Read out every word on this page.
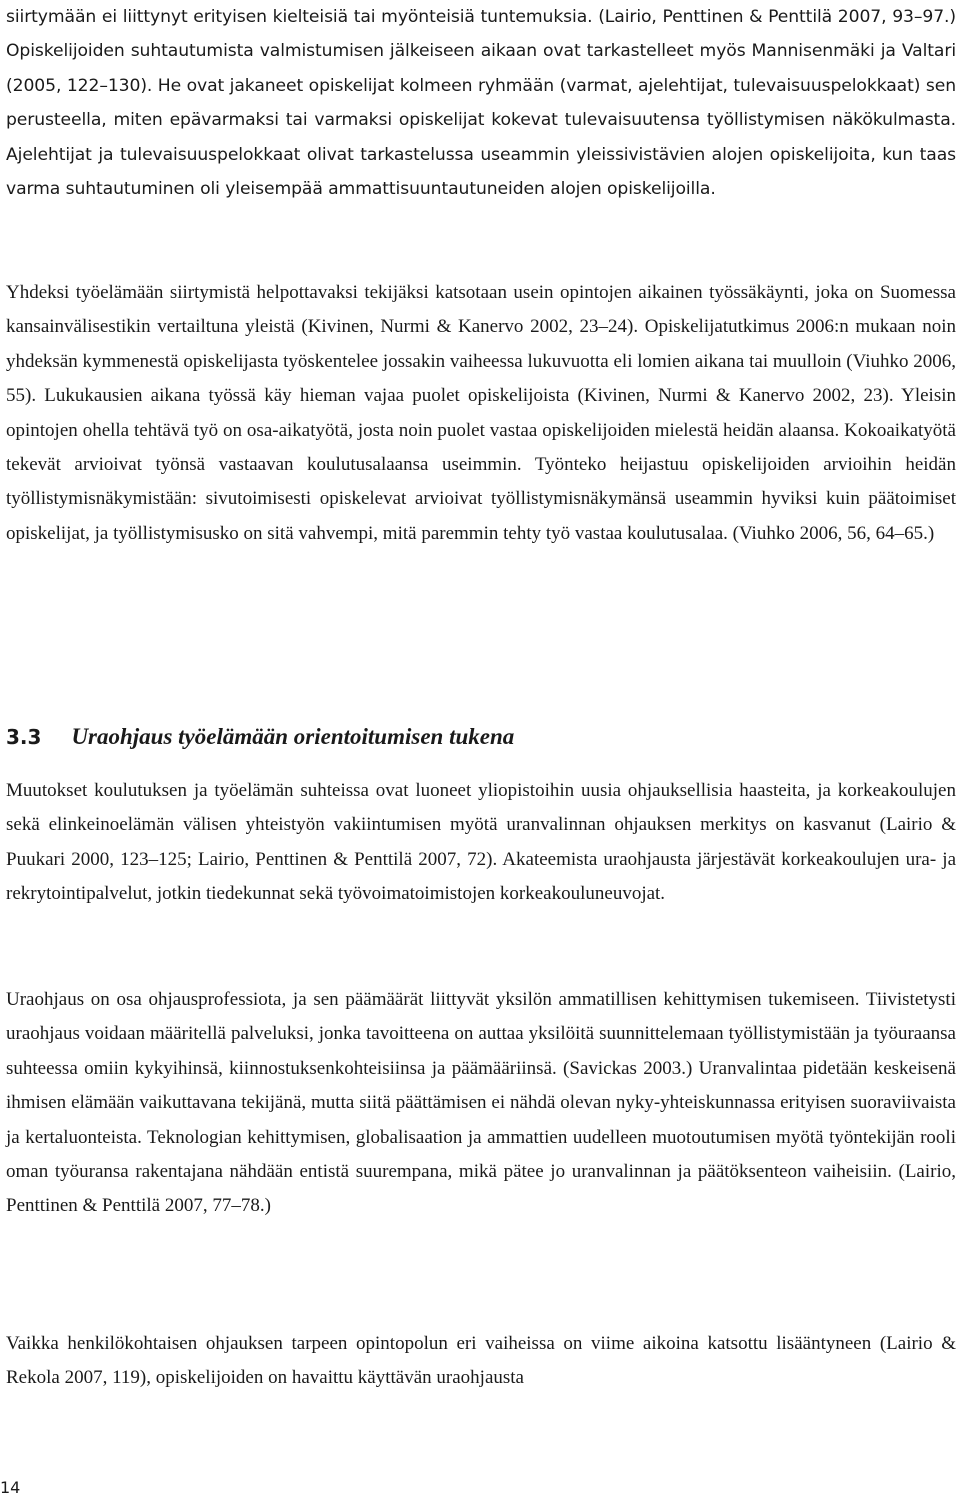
siirtymään ei liittynyt erityisen kielteisiä tai myönteisiä tuntemuksia. (Lairio, Penttinen & Penttilä 2007, 93–97.) Opiskelijoiden suhtautumista valmistumisen jälkeiseen aikaan ovat tarkastelleet myös Mannisenmäki ja Valtari (2005, 122–130). He ovat jakaneet opiskelijat kolmeen ryhmään (varmat, ajelehtijat, tulevaisuuspelokkaat) sen perusteella, miten epävarmaksi tai varmaksi opiskelijat kokevat tulevaisuutensa työllistymisen näkökulmasta. Ajelehtijat ja tulevaisuuspelokkaat olivat tarkastelussa useammin yleissivistävien alojen opiskelijoita, kun taas varma suhtautuminen oli yleisempää ammattisuuntautuneiden alojen opiskelijoilla.

Yhdeksi työelämään siirtymistä helpottavaksi tekijäksi katsotaan usein opintojen aikainen työssäkäynti, joka on Suomessa kansainvälisestikin vertailtuna yleistä (Kivinen, Nurmi & Kanervo 2002, 23–24). Opiskelijatutkimus 2006:n mukaan noin yhdeksän kymmenestä opiskelijasta työskentelee jossakin vaiheessa lukuvuotta eli lomien aikana tai muulloin (Viuhko 2006, 55). Lukukausien aikana työssä käy hieman vajaa puolet opiskelijoista (Kivinen, Nurmi & Kanervo 2002, 23). Yleisin opintojen ohella tehtävä työ on osa-aikatyötä, josta noin puolet vastaa opiskelijoiden mielestä heidän alaansa. Kokoaikatyötä tekevät arvioivat työnsä vastaavan koulutusalaansa useimmin. Työnteko heijastuu opiskelijoiden arvioihin heidän työllistymisnäkymistään: sivutoimisesti opiskelevat arvioivat työllistymisnäkymänsä useammin hyviksi kuin päätoimiset opiskelijat, ja työllistymisusko on sitä vahvempi, mitä paremmin tehty työ vastaa koulutusalaa. (Viuhko 2006, 56, 64–65.)

3.3 Uraohjaus työelämään orientoitumisen tukena

Muutokset koulutuksen ja työelämän suhteissa ovat luoneet yliopistoihin uusia ohjauksellisia haasteita, ja korkeakoulujen sekä elinkeinoelämän välisen yhteistyön vakiintumisen myötä uranvalinnan ohjauksen merkitys on kasvanut (Lairio & Puukari 2000, 123–125; Lairio, Penttinen & Penttilä 2007, 72). Akateemista uraohjausta järjestävät korkeakoulujen ura- ja rekrytointipalvelut, jotkin tiedekunnat sekä työvoimatoimistojen korkeakouluneuvojat.

Uraohjaus on osa ohjausprofessiota, ja sen päämäärät liittyvät yksilön ammatillisen kehittymisen tukemiseen. Tiivistetysti uraohjaus voidaan määritellä palveluksi, jonka tavoitteena on auttaa yksilöitä suunnittelemaan työllistymistään ja työuraansa suhteessa omiin kykyihinsä, kiinnostuksenkohteisiinsa ja päämääriinsä. (Savickas 2003.) Uranvalintaa pidetään keskeisenä ihmisen elämään vaikuttavana tekijänä, mutta siitä päättämisen ei nähdä olevan nyky-yhteiskunnassa erityisen suoraviivaista ja kertaluonteista. Teknologian kehittymisen, globalisaation ja ammattien uudelleen muotoutumisen myötä työntekijän rooli oman työuransa rakentajana nähdään entistä suurempana, mikä pätee jo uranvalinnan ja päätöksenteon vaiheisiin. (Lairio, Penttinen & Penttilä 2007, 77–78.)

Vaikka henkilökohtaisen ohjauksen tarpeen opintopolun eri vaiheissa on viime aikoina katsottu lisääntyneen (Lairio & Rekola 2007, 119), opiskelijoiden on havaittu käyttävän uraohjausta

14
